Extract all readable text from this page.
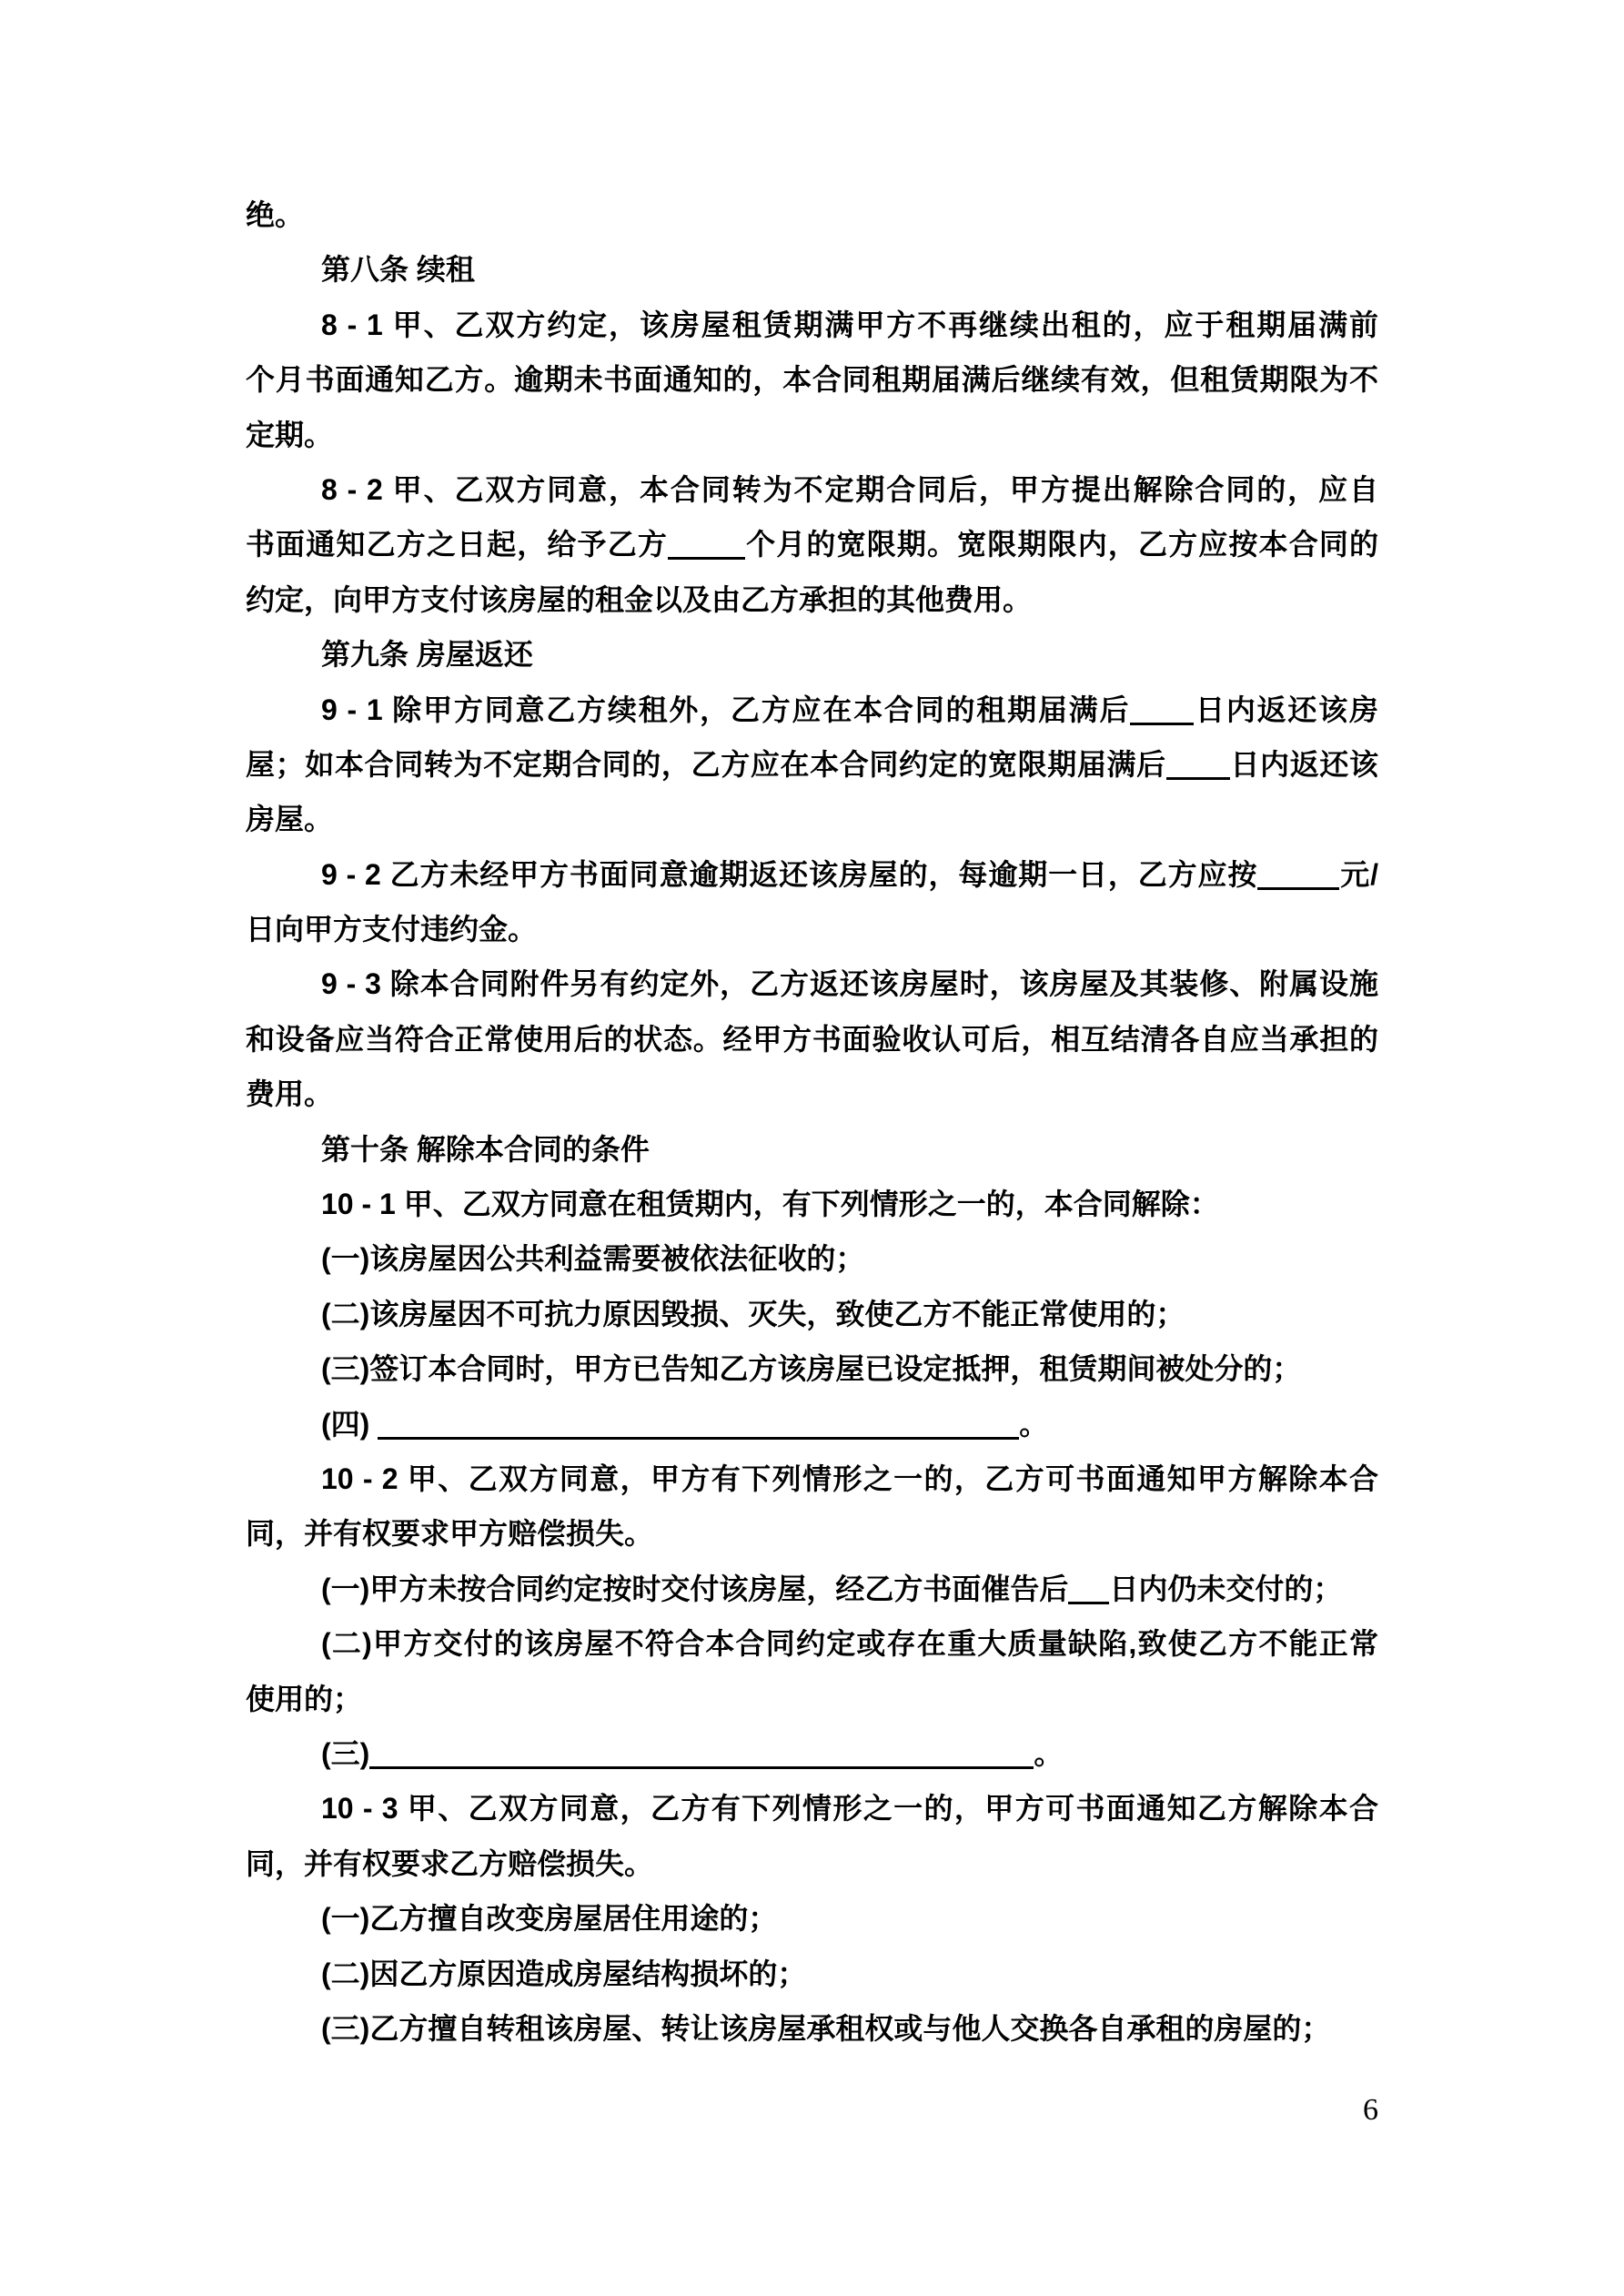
绝。
第八条 续租
8 - 1 甲、乙双方约定，该房屋租赁期满甲方不再继续出租的，应于租期届满前
个月书面通知乙方。逾期未书面通知的，本合同租期届满后继续有效，但租赁期限为不
定期。
8 - 2 甲、乙双方同意，本合同转为不定期合同后，甲方提出解除合同的，应自
书面通知乙方之日起，给予乙方	个月的宽限期。宽限期限内，乙方应按本合同的
约定，向甲方支付该房屋的租金以及由乙方承担的其他费用。
第九条 房屋返还
9 - 1 除甲方同意乙方续租外，乙方应在本合同的租期届满后 日内返还该房
屋；如本合同转为不定期合同的，乙方应在本合同约定的宽限期届满后 日内返还该
房屋。
9 - 2 乙方未经甲方书面同意逾期返还该房屋的，每逾期一日，乙方应按	元/
日向甲方支付违约金。
9 - 3 除本合同附件另有约定外，乙方返还该房屋时，该房屋及其装修、附属设施
和设备应当符合正常使用后的状态。经甲方书面验收认可后，相互结清各自应当承担的
费用。
第十条 解除本合同的条件
10 - 1 甲、乙双方同意在租赁期内，有下列情形之一的，本合同解除：
(一)该房屋因公共利益需要被依法征收的；
(二)该房屋因不可抗力原因毁损、灭失，致使乙方不能正常使用的；
(三)签订本合同时，甲方已告知乙方该房屋已设定抵押，租赁期间被处分的；
(四)	。
10 - 2 甲、乙双方同意，甲方有下列情形之一的，乙方可书面通知甲方解除本合
同，并有权要求甲方赔偿损失。
(一)甲方未按合同约定按时交付该房屋，经乙方书面催告后 日内仍未交付的；
(二)甲方交付的该房屋不符合本合同约定或存在重大质量缺陷,致使乙方不能正常
使用的；
(三)	。
10 - 3 甲、乙双方同意，乙方有下列情形之一的，甲方可书面通知乙方解除本合
同，并有权要求乙方赔偿损失。
(一)乙方擅自改变房屋居住用途的；
(二)因乙方原因造成房屋结构损坏的；
(三)乙方擅自转租该房屋、转让该房屋承租权或与他人交换各自承租的房屋的；
6
